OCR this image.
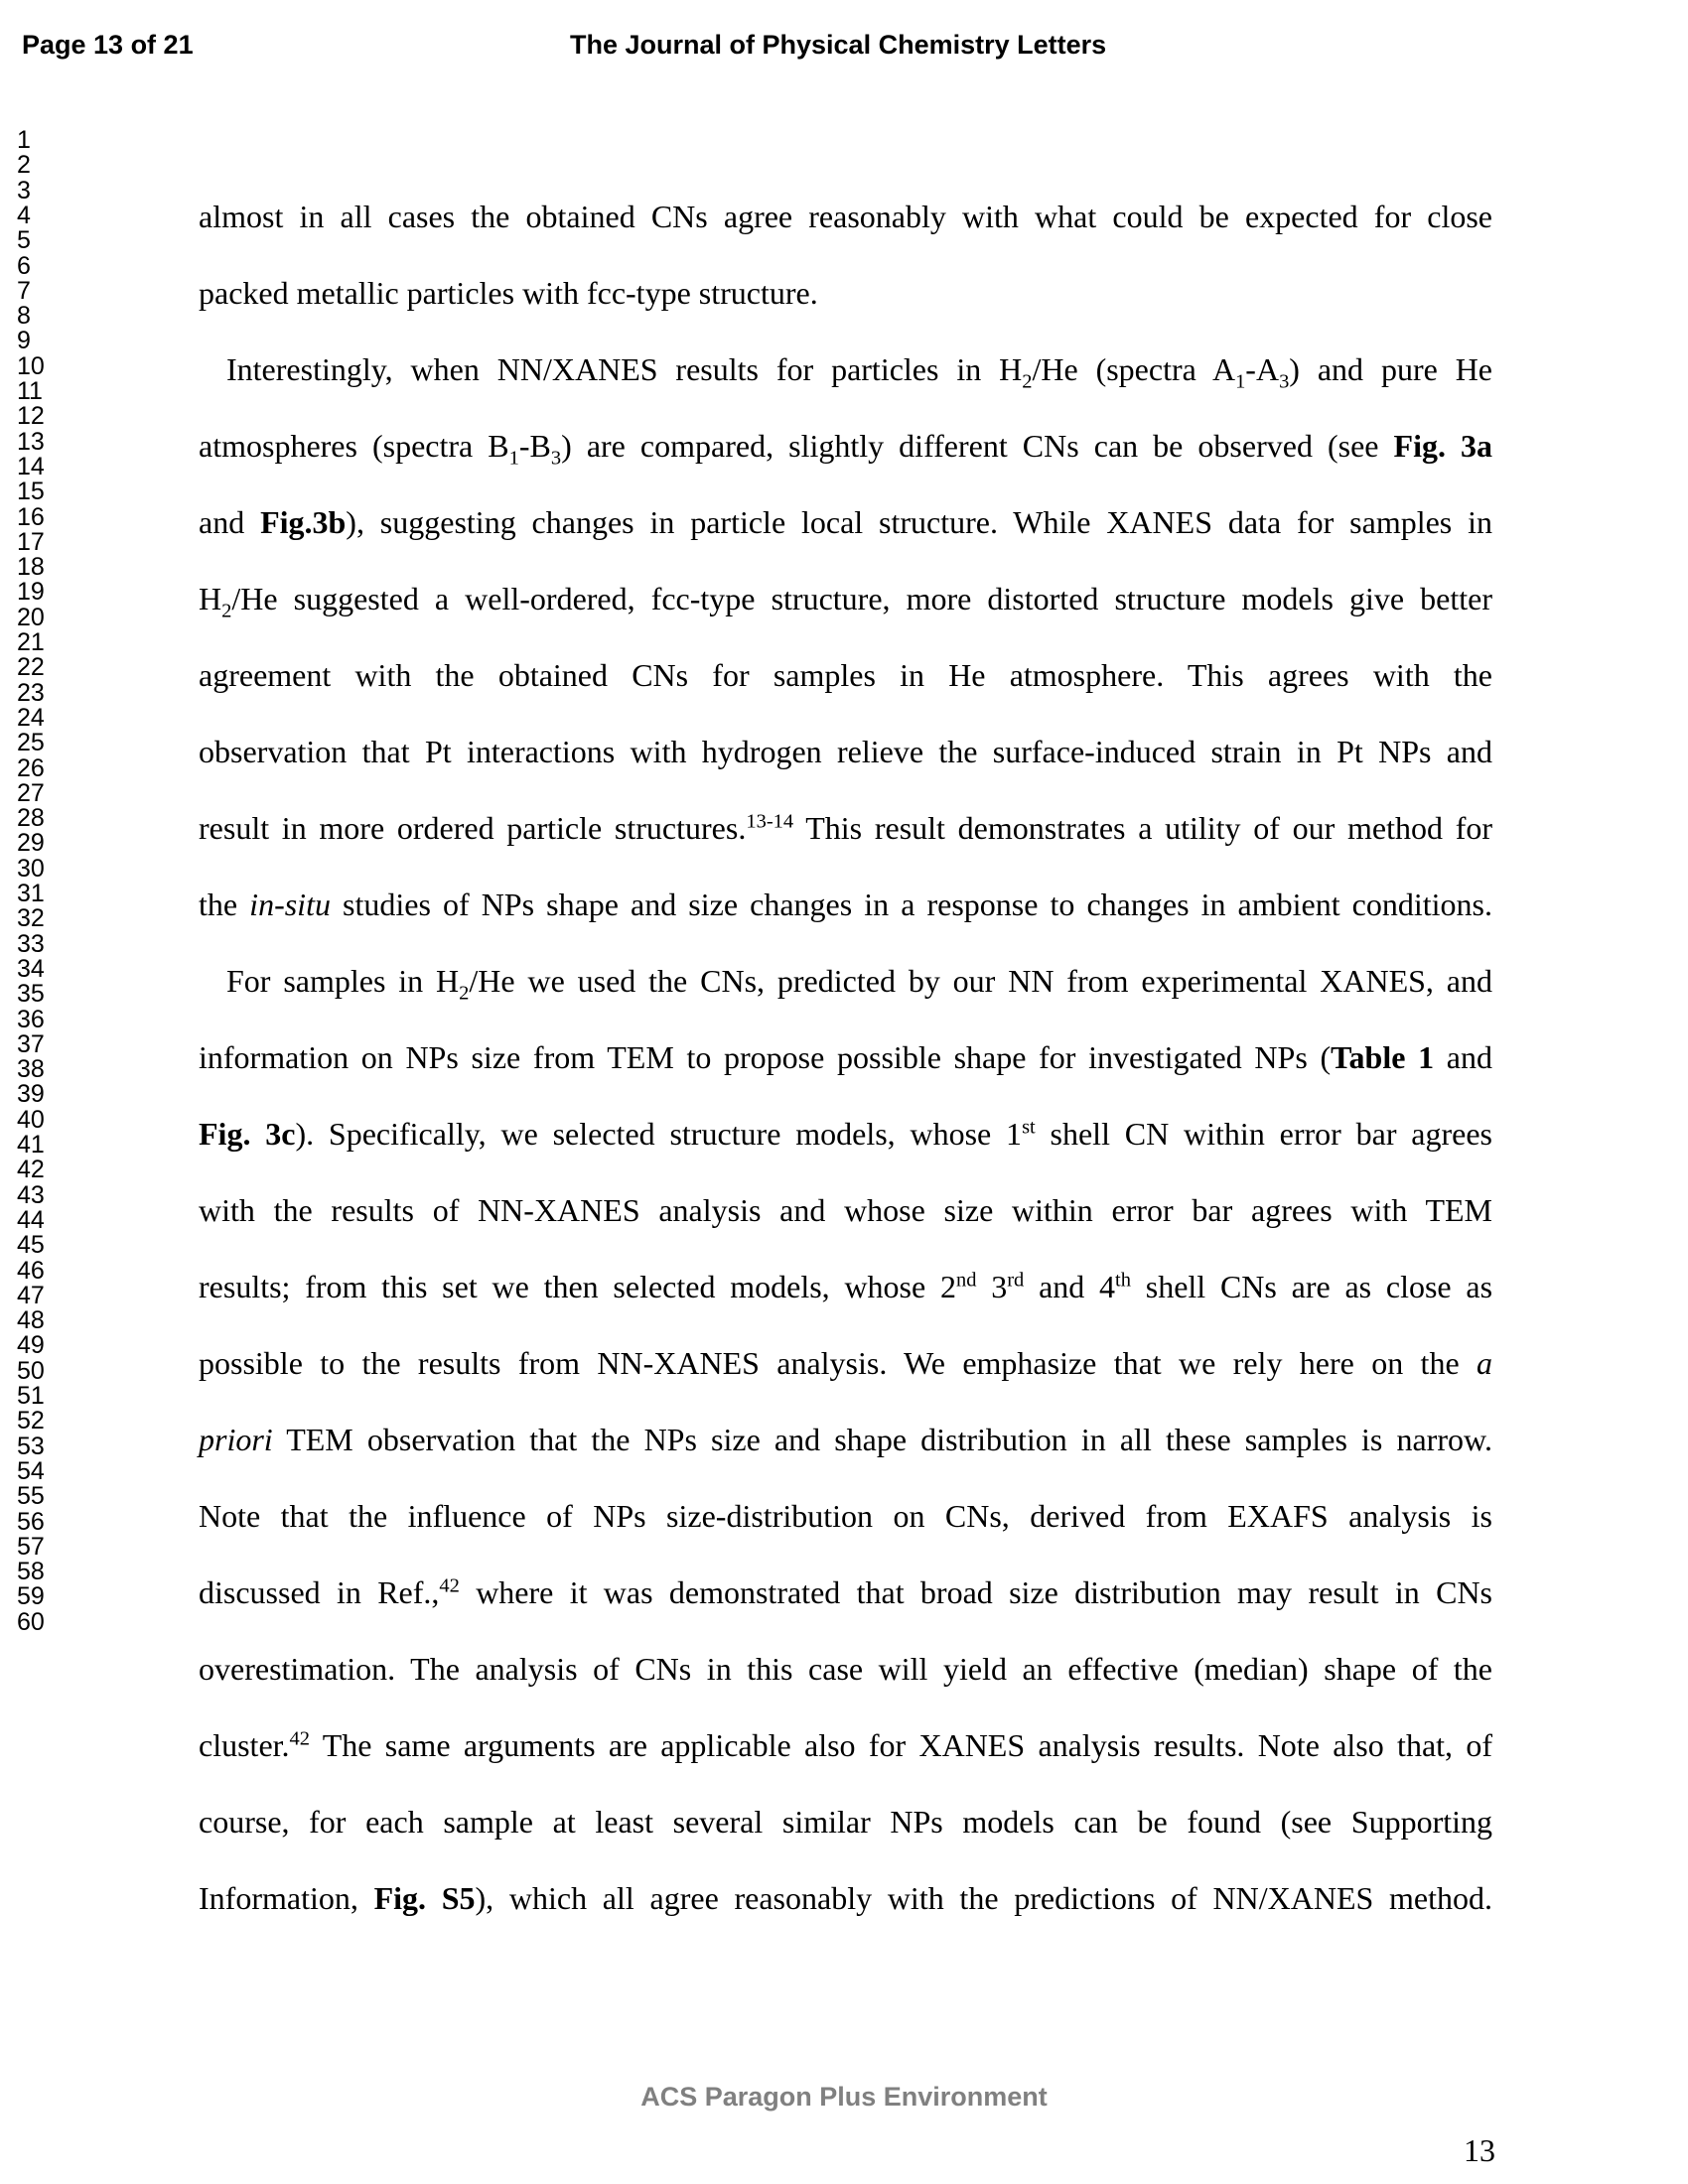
Page 13 of 21	The Journal of Physical Chemistry Letters
1
2
3
4
5
6
7
8
9
10
11
12
13
14
15
16
17
18
19
20
21
22
23
24
25
26
27
28
29
30
31
32
33
34
35
36
37
38
39
40
41
42
43
44
45
46
47
48
49
50
51
52
53
54
55
56
57
58
59
60
almost in all cases the obtained CNs agree reasonably with what could be expected for close
packed metallic particles with fcc-type structure.
Interestingly, when NN/XANES results for particles in $H_2/He$ (spectra $A_1-A_3$) and pure He
atmospheres (spectra $B_1-B_3$) are compared, slightly different CNs can be observed (see Fig. 3a
and Fig.3b), suggesting changes in particle local structure. While XANES data for samples in
$H_2/He$ suggested a well-ordered, fcc-type structure, more distorted structure models give better
agreement with the obtained CNs for samples in He atmosphere. This agrees with the
observation that Pt interactions with hydrogen relieve the surface-induced strain in Pt NPs and
result in more ordered particle structures.$^{13-14}$ This result demonstrates a utility of our method for
the in-situ studies of NPs shape and size changes in a response to changes in ambient conditions.
For samples in $H_2/He$ we used the CNs, predicted by our NN from experimental XANES, and
information on NPs size from TEM to propose possible shape for investigated NPs (Table 1 and
Fig. 3c). Specifically, we selected structure models, whose 1st shell CN within error bar agrees
with the results of NN-XANES analysis and whose size within error bar agrees with TEM
results; from this set we then selected models, whose 2nd 3rd and 4th shell CNs are as close as
possible to the results from NN-XANES analysis. We emphasize that we rely here on the a
priori TEM observation that the NPs size and shape distribution in all these samples is narrow.
Note that the influence of NPs size-distribution on CNs, derived from EXAFS analysis is
discussed in Ref.,$^{42}$ where it was demonstrated that broad size distribution may result in CNs
overestimation. The analysis of CNs in this case will yield an effective (median) shape of the
cluster.$^{42}$ The same arguments are applicable also for XANES analysis results. Note also that, of
course, for each sample at least several similar NPs models can be found (see Supporting
Information, Fig. S5), which all agree reasonably with the predictions of NN/XANES method.
ACS Paragon Plus Environment
13
